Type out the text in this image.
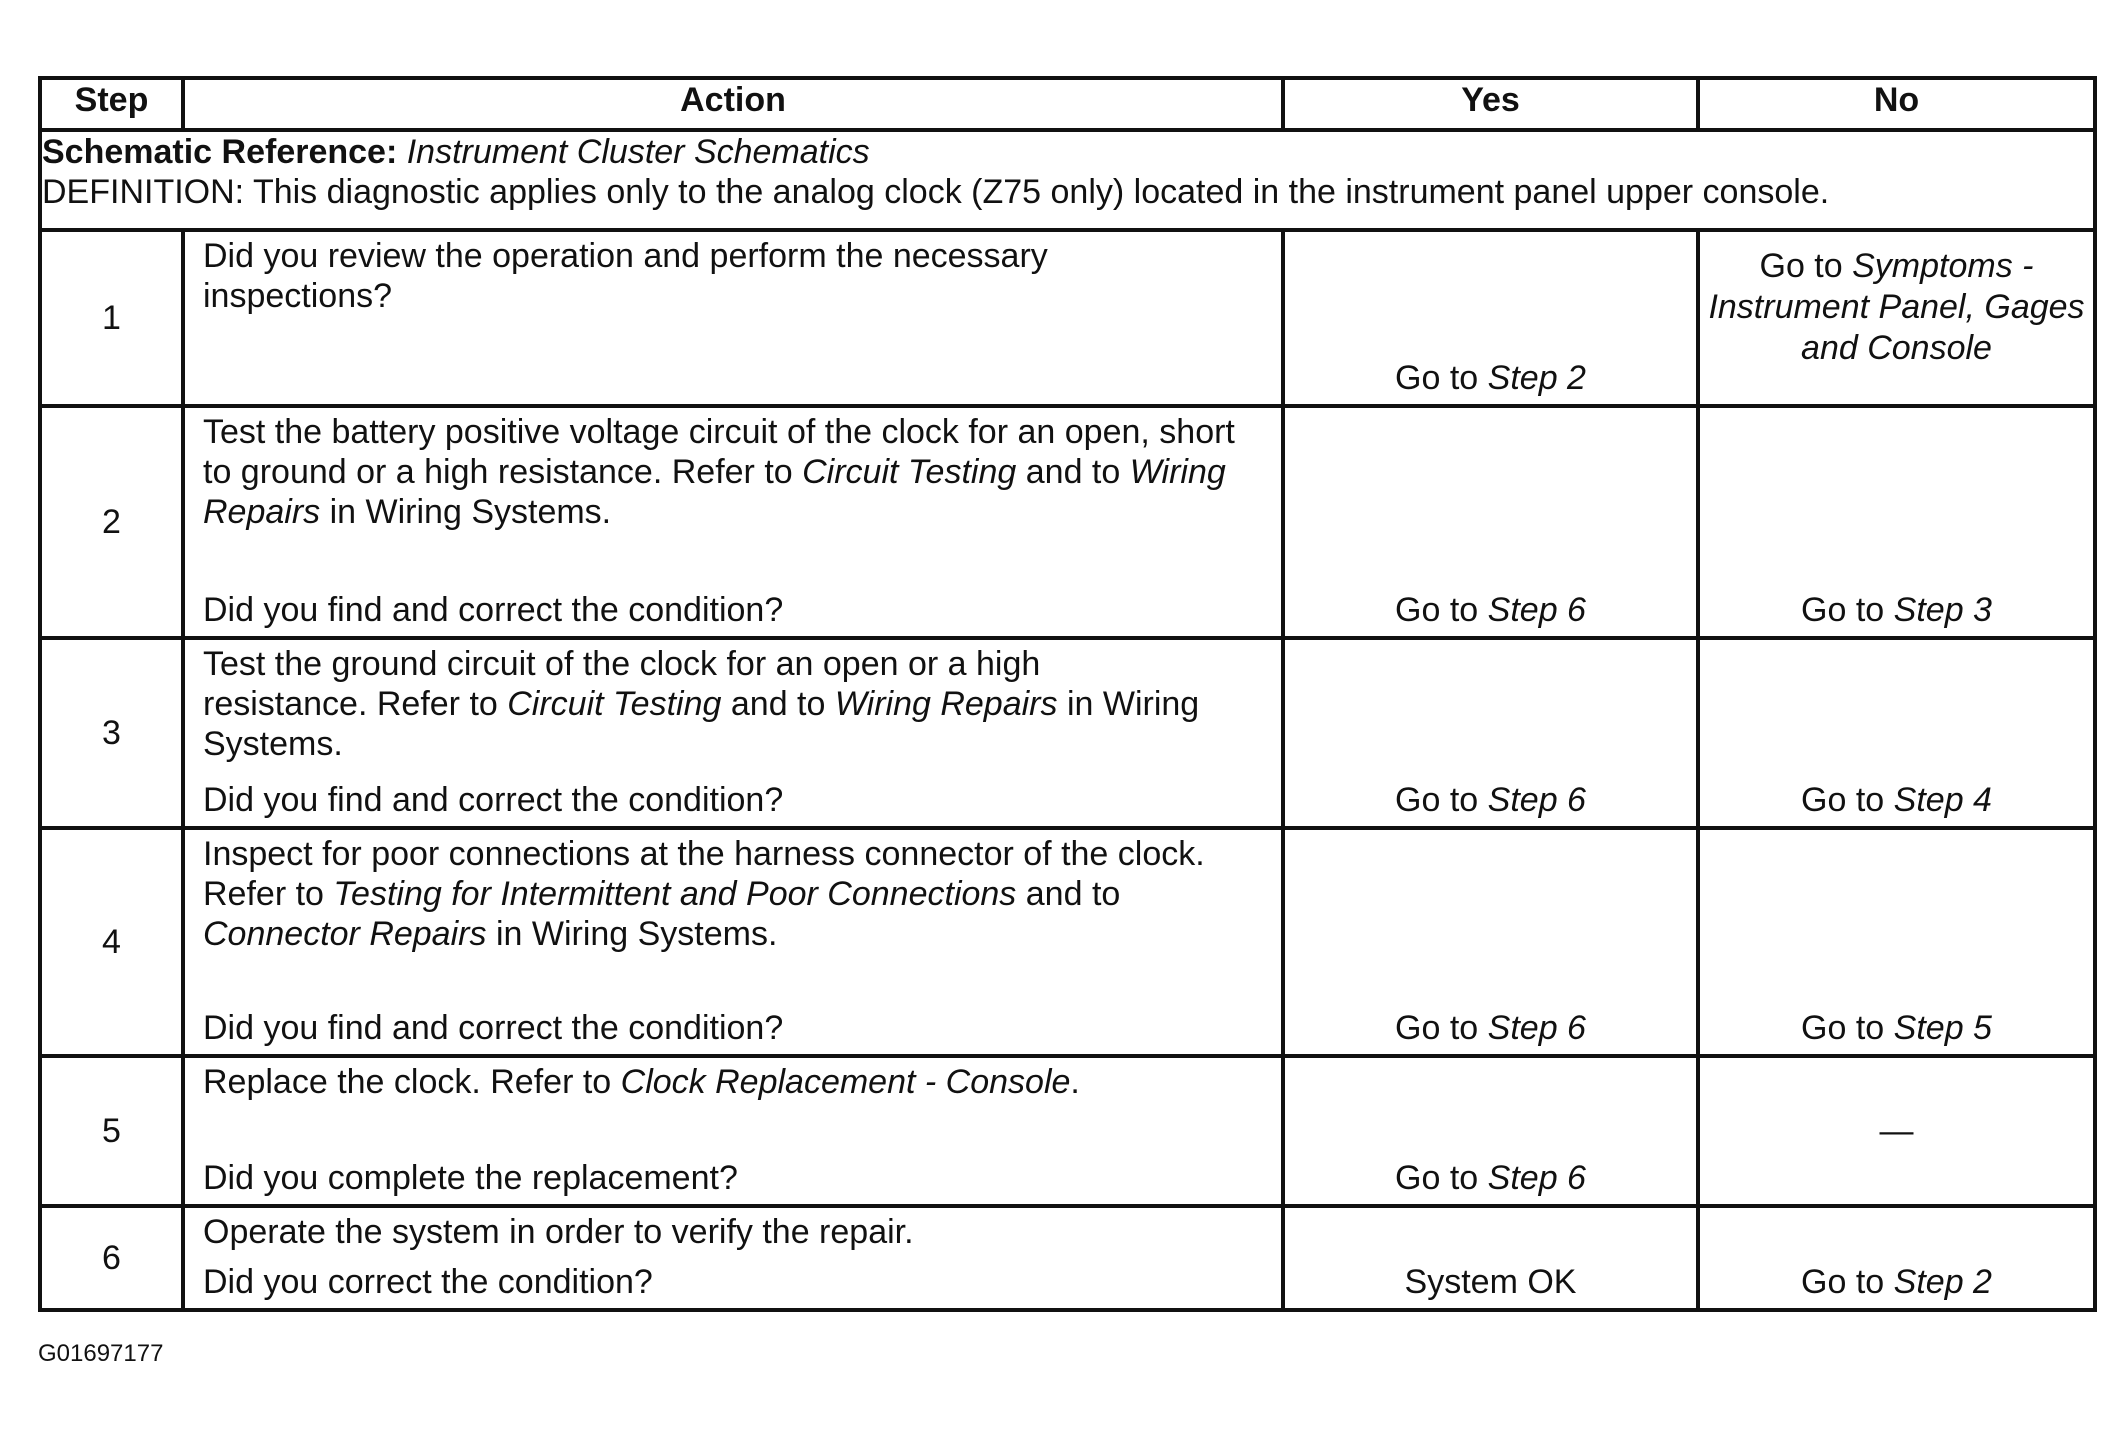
Step	Action	Yes	No

Schematic Reference: Instrument Cluster Schematics
DEFINITION: This diagnostic applies only to the analog clock (Z75 only) located in the instrument panel upper console.			

1	Did you review the operation and perform the necessary inspections?	Go to Step 2	Go to Symptoms - Instrument Panel, Gages and Console

2	Test the battery positive voltage circuit of the clock for an open, short to ground or a high resistance. Refer to Circuit Testing and to Wiring Repairs in Wiring Systems.
Did you find and correct the condition?	Go to Step 6	Go to Step 3

3	Test the ground circuit of the clock for an open or a high resistance. Refer to Circuit Testing and to Wiring Repairs in Wiring Systems.
Did you find and correct the condition?	Go to Step 6	Go to Step 4

4	Inspect for poor connections at the harness connector of the clock. Refer to Testing for Intermittent and Poor Connections and to Connector Repairs in Wiring Systems.
Did you find and correct the condition?	Go to Step 6	Go to Step 5

5	Replace the clock. Refer to Clock Replacement - Console.
Did you complete the replacement?	Go to Step 6	—

6	Operate the system in order to verify the repair.
Did you correct the condition?	System OK	Go to Step 2
G01697177
